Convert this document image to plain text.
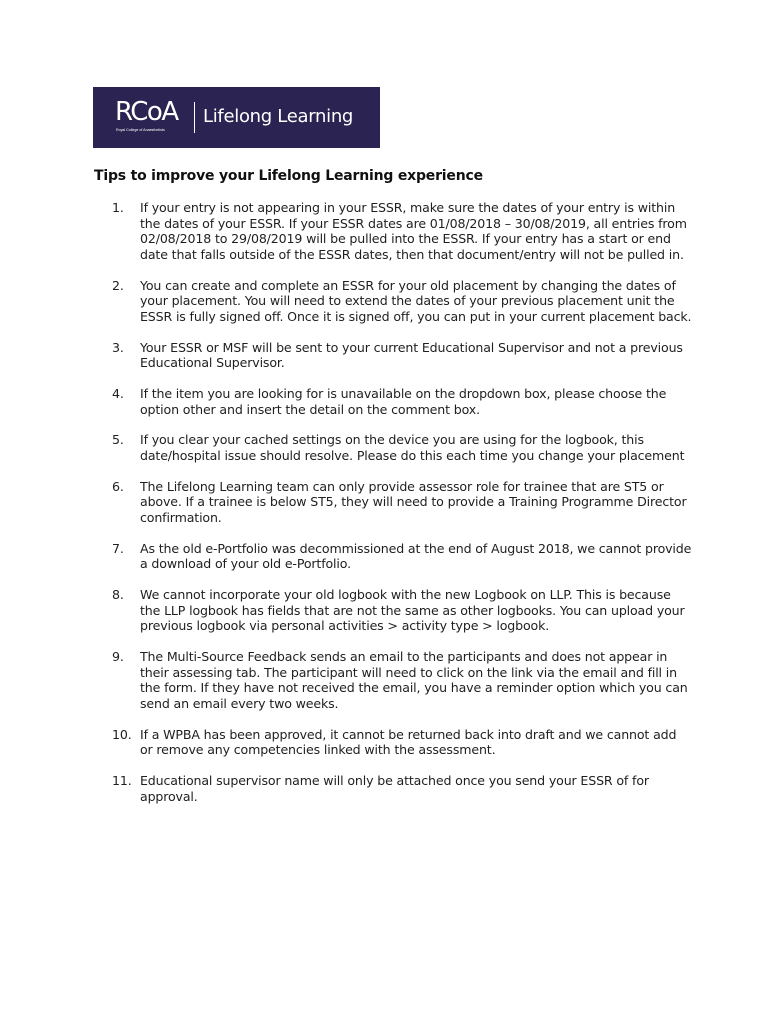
RCoA
Royal College of Anaesthetists
Lifelong Learning
Tips to improve your Lifelong Learning experience
1.	If your entry is not appearing in your ESSR, make sure the dates of your entry is within the dates of your ESSR. If your ESSR dates are 01/08/2018 – 30/08/2019, all entries from 02/08/2018 to 29/08/2019 will be pulled into the ESSR. If your entry has a start or end date that falls outside of the ESSR dates, then that document/entry will not be pulled in.
2.	You can create and complete an ESSR for your old placement by changing the dates of your placement. You will need to extend the dates of your previous placement unit the ESSR is fully signed off. Once it is signed off, you can put in your current placement back.
3.	Your ESSR or MSF will be sent to your current Educational Supervisor and not a previous Educational Supervisor.
4.	If the item you are looking for is unavailable on the dropdown box, please choose the option other and insert the detail on the comment box.
5.	If you clear your cached settings on the device you are using for the logbook, this date/hospital issue should resolve. Please do this each time you change your placement
6.	The Lifelong Learning team can only provide assessor role for trainee that are ST5 or above. If a trainee is below ST5, they will need to provide a Training Programme Director confirmation.
7.	As the old e-Portfolio was decommissioned at the end of August 2018, we cannot provide a download of your old e-Portfolio.
8.	We cannot incorporate your old logbook with the new Logbook on LLP. This is because the LLP logbook has fields that are not the same as other logbooks. You can upload your previous logbook via personal activities > activity type > logbook.
9.	The Multi-Source Feedback sends an email to the participants and does not appear in their assessing tab. The participant will need to click on the link via the email and fill in the form. If they have not received the email, you have a reminder option which you can send an email every two weeks.
10. If a WPBA has been approved, it cannot be returned back into draft and we cannot add or remove any competencies linked with the assessment.
11. Educational supervisor name will only be attached once you send your ESSR of for approval.
